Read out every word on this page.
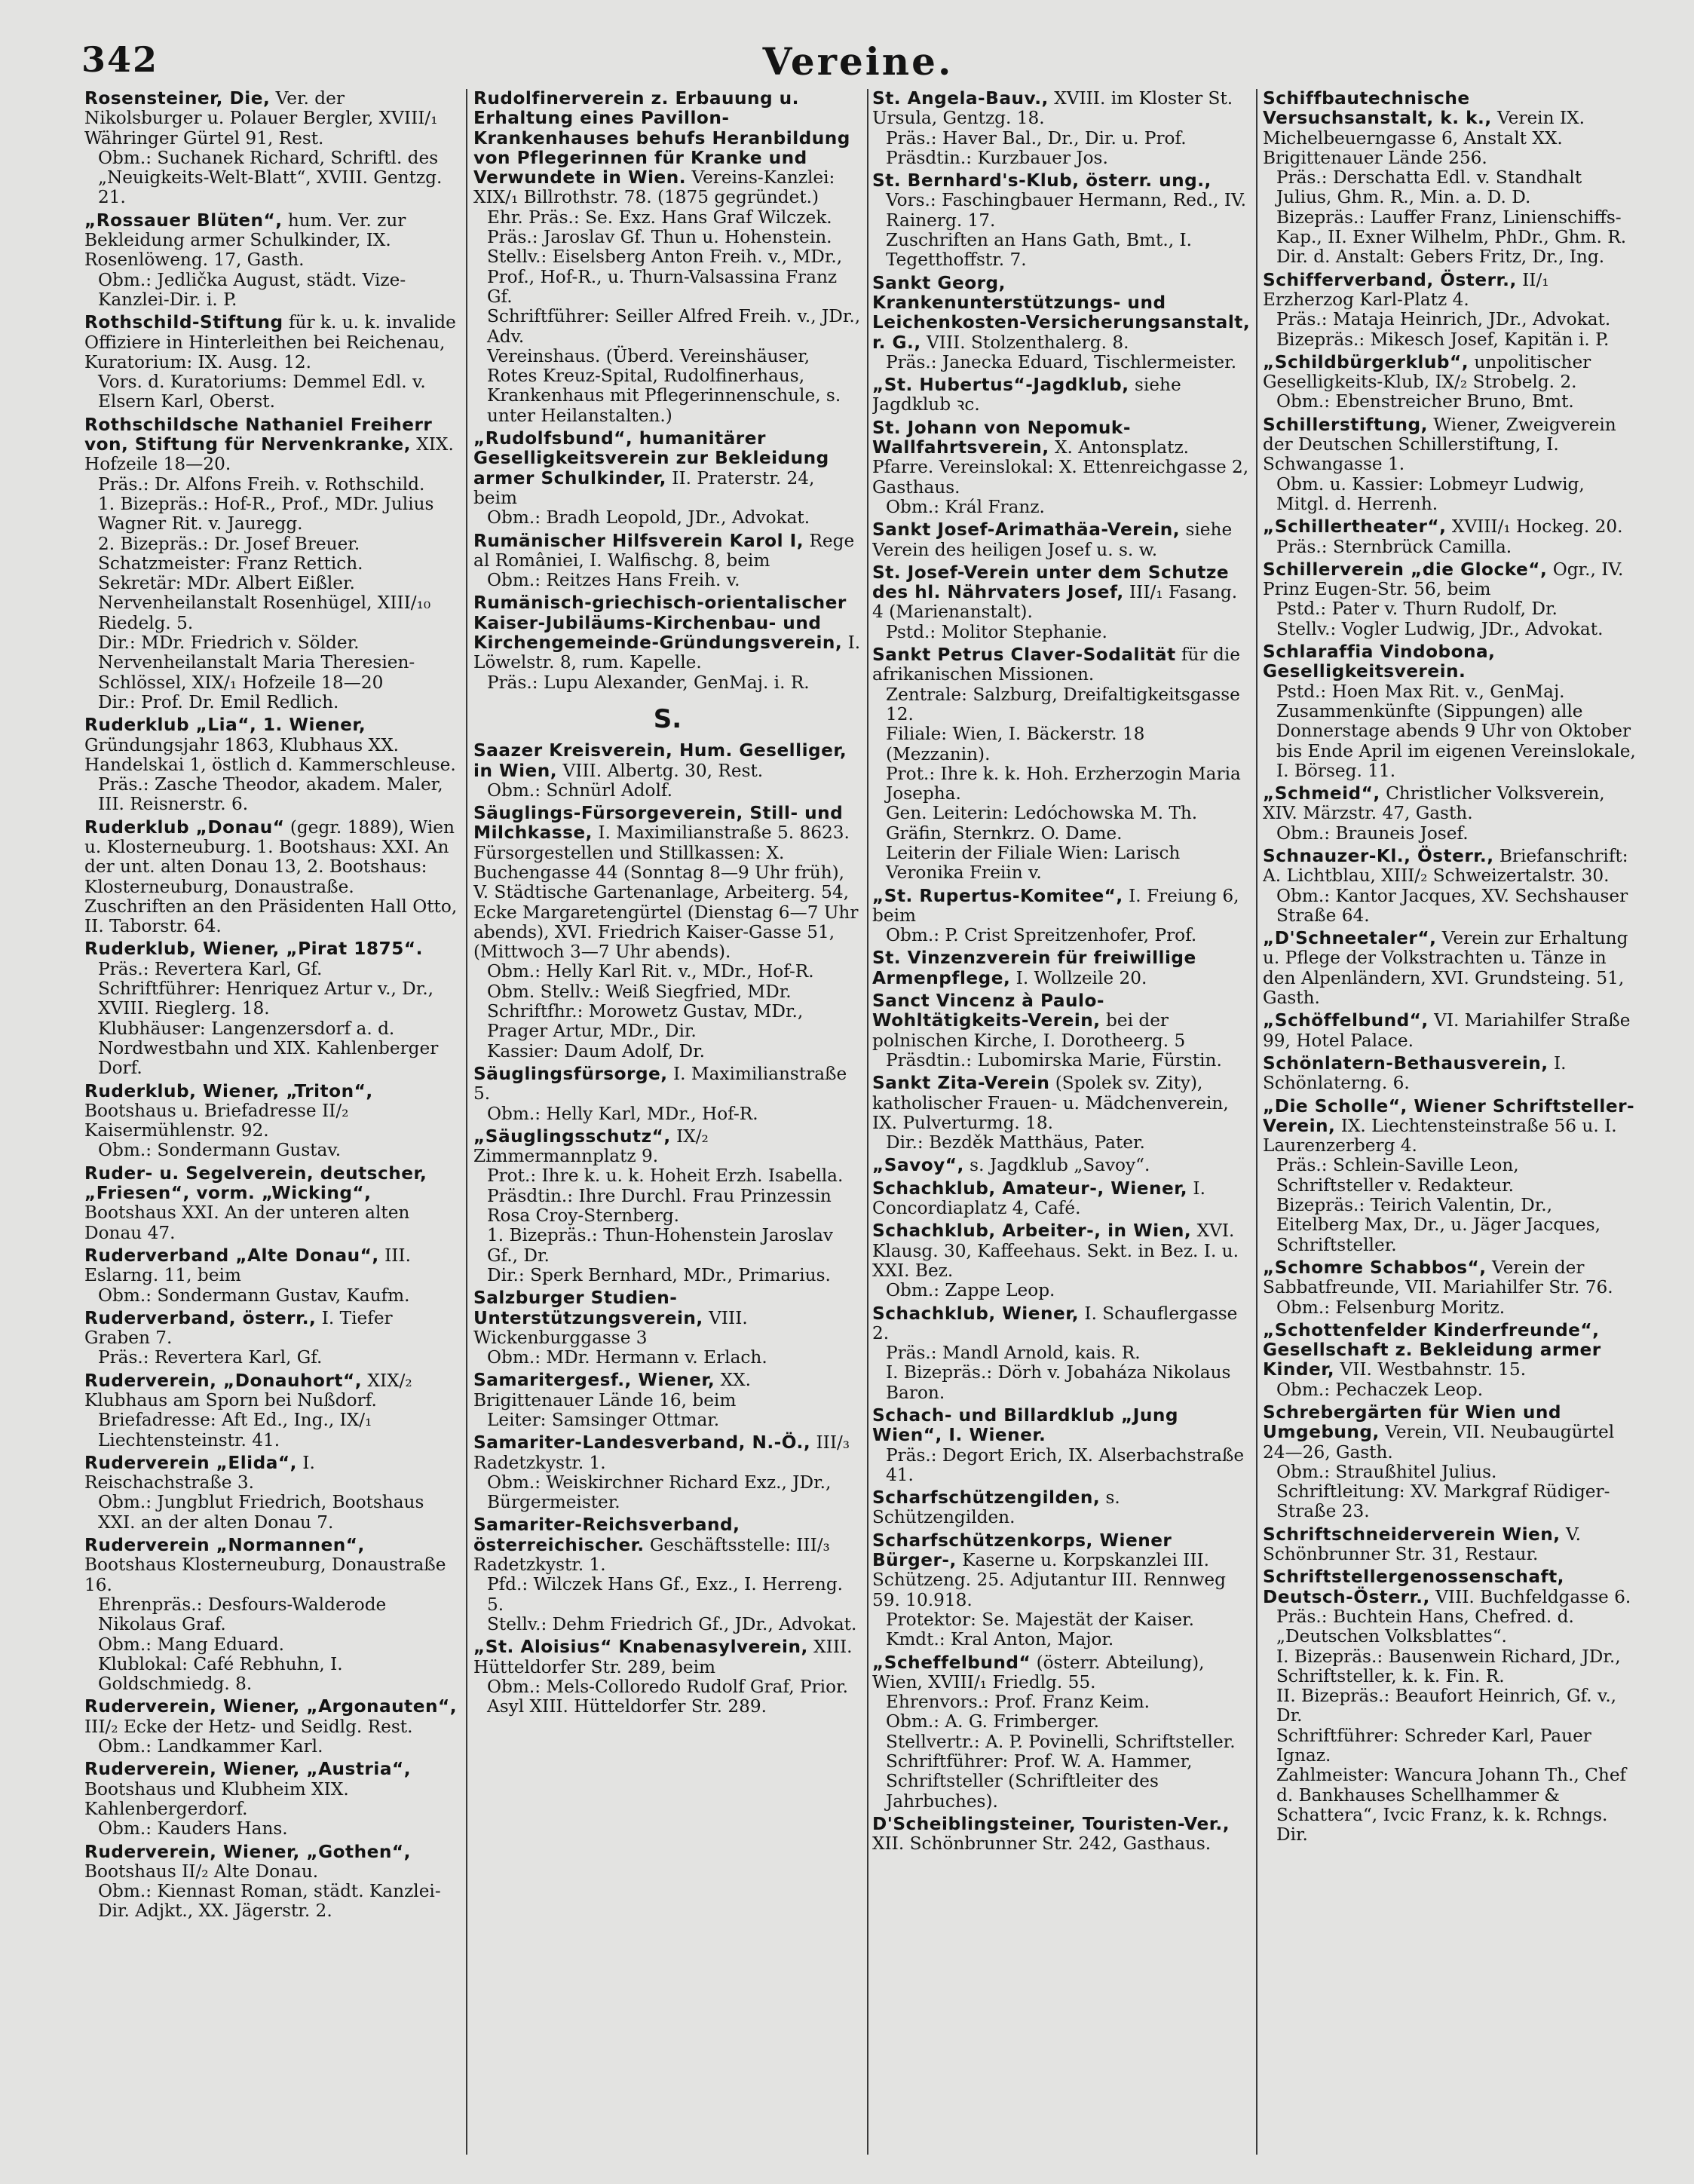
342	Vereine.
Rosensteiner, Die, Ver. der Nikolsburger u. Polauer Bergler, XVIII/₁ Währinger Gürtel 91, Rest.
Obm.: Suchanek Richard, Schriftl. des „Neuigkeits-Welt-Blatt“, XVIII. Gentzg. 21.
„Rossauer Blüten“, hum. Ver. zur Bekleidung armer Schulkinder, IX. Rosenlöweng. 17, Gasth.
Obm.: Jedlička August, städt. Vize-Kanzlei-Dir. i. P.
Rothschild-Stiftung für k. u. k. invalide Offiziere in Hinterleithen bei Reichenau, Kuratorium: IX. Ausg. 12.
Vors. d. Kuratoriums: Demmel Edl. v. Elsern Karl, Oberst.
Rothschildsche Nathaniel Freiherr von, Stiftung für Nervenkranke, XIX. Hofzeile 18—20.
Präs.: Dr. Alfons Freih. v. Rothschild.
1. Bizepräs.: Hof-R., Prof., MDr. Julius Wagner Rit. v. Jauregg.
2. Bizepräs.: Dr. Josef Breuer.
Schatzmeister: Franz Rettich.
Sekretär: MDr. Albert Eißler.
Nervenheilanstalt Rosenhügel, XIII/₁₀ Riedelg. 5.
Dir.: MDr. Friedrich v. Sölder.
Nervenheilanstalt Maria Theresien-Schlössel, XIX/₁ Hofzeile 18—20
Dir.: Prof. Dr. Emil Redlich.
Ruderklub „Lia“, 1. Wiener, Gründungsjahr 1863, Klubhaus XX. Handelskai 1, östlich d. Kammerschleuse.
Präs.: Zasche Theodor, akadem. Maler, III. Reisnerstr. 6.
Ruderklub „Donau“ (gegr. 1889), Wien u. Klosterneuburg. 1. Bootshaus: XXI. An der unt. alten Donau 13, 2. Bootshaus: Klosterneuburg, Donaustraße. Zuschriften an den Präsidenten Hall Otto, II. Taborstr. 64.
Ruderklub, Wiener, „Pirat 1875“.
Präs.: Revertera Karl, Gf.
Schriftführer: Henriquez Artur v., Dr., XVIII. Rieglerg. 18.
Klubhäuser: Langenzersdorf a. d. Nordwestbahn und XIX. Kahlenberger Dorf.
Ruderklub, Wiener, „Triton“, Bootshaus u. Briefadresse II/₂ Kaisermühlenstr. 92.
Obm.: Sondermann Gustav.
Ruder- u. Segelverein, deutscher, „Friesen“, vorm. „Wicking“, Bootshaus XXI. An der unteren alten Donau 47.
Ruderverband „Alte Donau“, III. Eslarng. 11, beim
Obm.: Sondermann Gustav, Kaufm.
Ruderverband, österr., I. Tiefer Graben 7.
Präs.: Revertera Karl, Gf.
Ruderverein, „Donauhort“, XIX/₂ Klubhaus am Sporn bei Nußdorf.
Briefadresse: Aft Ed., Ing., IX/₁ Liechtensteinstr. 41.
Ruderverein „Elida“, I. Reischachstraße 3.
Obm.: Jungblut Friedrich, Bootshaus XXI. an der alten Donau 7.
Ruderverein „Normannen“, Bootshaus Klosterneuburg, Donaustraße 16.
Ehrenpräs.: Desfours-Walderode Nikolaus Graf.
Obm.: Mang Eduard.
Klublokal: Café Rebhuhn, I. Goldschmiedg. 8.
Ruderverein, Wiener, „Argonauten“, III/₂ Ecke der Hetz- und Seidlg. Rest.
Obm.: Landkammer Karl.
Ruderverein, Wiener, „Austria“, Bootshaus und Klubheim XIX. Kahlenbergerdorf.
Obm.: Kauders Hans.
Ruderverein, Wiener, „Gothen“, Bootshaus II/₂ Alte Donau.
Obm.: Kiennast Roman, städt. Kanzlei-Dir. Adjkt., XX. Jägerstr. 2.
Rudolfinerverein z. Erbauung u. Erhaltung eines Pavillon-Krankenhauses behufs Heranbildung von Pflegerinnen für Kranke und Verwundete in Wien. Vereins-Kanzlei: XIX/₁ Billrothstr. 78. (1875 gegründet.)
Ehr. Präs.: Se. Exz. Hans Graf Wilczek.
Präs.: Jaroslav Gf. Thun u. Hohenstein.
Stellv.: Eiselsberg Anton Freih. v., MDr., Prof., Hof-R., u. Thurn-Valsassina Franz Gf.
Schriftführer: Seiller Alfred Freih. v., JDr., Adv.
Vereinshaus. (Überd. Vereinshäuser, Rotes Kreuz-Spital, Rudolfinerhaus, Krankenhaus mit Pflegerinnenschule, s. unter Heilanstalten.)
„Rudolfsbund“, humanitärer Geselligkeitsverein zur Bekleidung armer Schulkinder, II. Praterstr. 24, beim
Obm.: Bradh Leopold, JDr., Advokat.
Rumänischer Hilfsverein Karol I, Rege al României, I. Walfischg. 8, beim
Obm.: Reitzes Hans Freih. v.
Rumänisch-griechisch-orientalischer Kaiser-Jubiläums-Kirchenbau- und Kirchengemeinde-Gründungsverein, I. Löwelstr. 8, rum. Kapelle.
Präs.: Lupu Alexander, GenMaj. i. R.
S.
Saazer Kreisverein, Hum. Geselliger, in Wien, VIII. Albertg. 30, Rest.
Obm.: Schnürl Adolf.
Säuglings-Fürsorgeverein, Still- und Milchkasse, I. Maximilianstraße 5. 8623. Fürsorgestellen und Stillkassen: X. Buchengasse 44 (Sonntag 8—9 Uhr früh), V. Städtische Gartenanlage, Arbeiterg. 54, Ecke Margaretengürtel (Dienstag 6—7 Uhr abends), XVI. Friedrich Kaiser-Gasse 51, (Mittwoch 3—7 Uhr abends).
Obm.: Helly Karl Rit. v., MDr., Hof-R.
Obm. Stellv.: Weiß Siegfried, MDr.
Schriftfhr.: Morowetz Gustav, MDr., Prager Artur, MDr., Dir.
Kassier: Daum Adolf, Dr.
Säuglingsfürsorge, I. Maximilianstraße 5.
Obm.: Helly Karl, MDr., Hof-R.
„Säuglingsschutz“, IX/₂ Zimmermannplatz 9.
Prot.: Ihre k. u. k. Hoheit Erzh. Isabella.
Präsdtin.: Ihre Durchl. Frau Prinzessin Rosa Croy-Sternberg.
1. Bizepräs.: Thun-Hohenstein Jaroslav Gf., Dr.
Dir.: Sperk Bernhard, MDr., Primarius.
Salzburger Studien-Unterstützungsverein, VIII. Wickenburggasse 3
Obm.: MDr. Hermann v. Erlach.
Samaritergesf., Wiener, XX. Brigittenauer Lände 16, beim
Leiter: Samsinger Ottmar.
Samariter-Landesverband, N.-Ö., III/₃ Radetzkystr. 1.
Obm.: Weiskirchner Richard Exz., JDr., Bürgermeister.
Samariter-Reichsverband, österreichischer. Geschäftsstelle: III/₃ Radetzkystr. 1.
Pfd.: Wilczek Hans Gf., Exz., I. Herreng. 5.
Stellv.: Dehm Friedrich Gf., JDr., Advokat.
„St. Aloisius“ Knabenasylverein, XIII. Hütteldorfer Str. 289, beim
Obm.: Mels-Colloredo Rudolf Graf, Prior. Asyl XIII. Hütteldorfer Str. 289.
St. Angela-Bauv., XVIII. im Kloster St. Ursula, Gentzg. 18.
Präs.: Haver Bal., Dr., Dir. u. Prof.
Präsdtin.: Kurzbauer Jos.
St. Bernhard's-Klub, österr. ung.,
Vors.: Faschingbauer Hermann, Red., IV. Rainerg. 17.
Zuschriften an Hans Gath, Bmt., I. Tegetthoffstr. 7.
Sankt Georg, Krankenunterstützungs- und Leichenkosten-Versicherungsanstalt, r. G., VIII. Stolzenthalerg. 8.
Präs.: Janecka Eduard, Tischlermeister.
„St. Hubertus“-Jagdklub, siehe Jagdklub ꝛc.
St. Johann von Nepomuk-Wallfahrtsverein, X. Antonsplatz. Pfarre. Vereinslokal: X. Ettenreichgasse 2, Gasthaus.
Obm.: Král Franz.
Sankt Josef-Arimathäa-Verein, siehe Verein des heiligen Josef u. s. w.
St. Josef-Verein unter dem Schutze des hl. Nährvaters Josef, III/₁ Fasang. 4 (Marienanstalt).
Pstd.: Molitor Stephanie.
Sankt Petrus Claver-Sodalität für die afrikanischen Missionen.
Zentrale: Salzburg, Dreifaltigkeitsgasse 12.
Filiale: Wien, I. Bäckerstr. 18 (Mezzanin).
Prot.: Ihre k. k. Hoh. Erzherzogin Maria Josepha.
Gen. Leiterin: Ledóchowska M. Th. Gräfin, Sternkrz. O. Dame.
Leiterin der Filiale Wien: Larisch Veronika Freiin v.
„St. Rupertus-Komitee“, I. Freiung 6, beim
Obm.: P. Crist Spreitzenhofer, Prof.
St. Vinzenzverein für freiwillige Armenpflege, I. Wollzeile 20.
Sanct Vincenz à Paulo-Wohltätigkeits-Verein, bei der polnischen Kirche, I. Dorotheerg. 5
Präsdtin.: Lubomirska Marie, Fürstin.
Sankt Zita-Verein (Spolek sv. Zity), katholischer Frauen- u. Mädchenverein, IX. Pulverturmg. 18.
Dir.: Bezděk Matthäus, Pater.
„Savoy“, s. Jagdklub „Savoy“.
Schachklub, Amateur-, Wiener, I. Concordiaplatz 4, Café.
Schachklub, Arbeiter-, in Wien, XVI. Klausg. 30, Kaffeehaus. Sekt. in Bez. I. u. XXI. Bez.
Obm.: Zappe Leop.
Schachklub, Wiener, I. Schauflergasse 2.
Präs.: Mandl Arnold, kais. R.
I. Bizepräs.: Dörh v. Jobaháza Nikolaus Baron.
Schach- und Billardklub „Jung Wien“, I. Wiener.
Präs.: Degort Erich, IX. Alserbachstraße 41.
Scharfschützengilden, s. Schützengilden.
Scharfschützenkorps, Wiener Bürger-, Kaserne u. Korpskanzlei III. Schützeng. 25. Adjutantur III. Rennweg 59. 10.918.
Protektor: Se. Majestät der Kaiser.
Kmdt.: Kral Anton, Major.
„Scheffelbund“ (österr. Abteilung), Wien, XVIII/₁ Friedlg. 55.
Ehrenvors.: Prof. Franz Keim.
Obm.: A. G. Frimberger.
Stellvertr.: A. P. Povinelli, Schriftsteller.
Schriftführer: Prof. W. A. Hammer, Schriftsteller (Schriftleiter des Jahrbuches).
D'Scheiblingsteiner, Touristen-Ver., XII. Schönbrunner Str. 242, Gasthaus.
Schiffbautechnische Versuchsanstalt, k. k., Verein IX. Michelbeuerngasse 6, Anstalt XX. Brigittenauer Lände 256.
Präs.: Derschatta Edl. v. Standhalt Julius, Ghm. R., Min. a. D. D.
Bizepräs.: Lauffer Franz, Linienschiffs-Kap., II. Exner Wilhelm, PhDr., Ghm. R.
Dir. d. Anstalt: Gebers Fritz, Dr., Ing.
Schifferverband, Österr., II/₁ Erzherzog Karl-Platz 4.
Präs.: Mataja Heinrich, JDr., Advokat.
Bizepräs.: Mikesch Josef, Kapitän i. P.
„Schildbürgerklub“, unpolitischer Geselligkeits-Klub, IX/₂ Strobelg. 2.
Obm.: Ebenstreicher Bruno, Bmt.
Schillerstiftung, Wiener, Zweigverein der Deutschen Schillerstiftung, I. Schwangasse 1.
Obm. u. Kassier: Lobmeyr Ludwig, Mitgl. d. Herrenh.
„Schillertheater“, XVIII/₁ Hockeg. 20.
Präs.: Sternbrück Camilla.
Schillerverein „die Glocke“, Ogr., IV. Prinz Eugen-Str. 56, beim
Pstd.: Pater v. Thurn Rudolf, Dr.
Stellv.: Vogler Ludwig, JDr., Advokat.
Schlaraffia Vindobona, Geselligkeitsverein.
Pstd.: Hoen Max Rit. v., GenMaj.
Zusammenkünfte (Sippungen) alle Donnerstage abends 9 Uhr von Oktober bis Ende April im eigenen Vereinslokale, I. Börseg. 11.
„Schmeid“, Christlicher Volksverein, XIV. Märzstr. 47, Gasth.
Obm.: Brauneis Josef.
Schnauzer-Kl., Österr., Briefanschrift: A. Lichtblau, XIII/₂ Schweizertalstr. 30.
Obm.: Kantor Jacques, XV. Sechshauser Straße 64.
„D'Schneetaler“, Verein zur Erhaltung u. Pflege der Volkstrachten u. Tänze in den Alpenländern, XVI. Grundsteing. 51, Gasth.
„Schöffelbund“, VI. Mariahilfer Straße 99, Hotel Palace.
Schönlatern-Bethausverein, I. Schönlaterng. 6.
„Die Scholle“, Wiener Schriftsteller-Verein, IX. Liechtensteinstraße 56 u. I. Laurenzerberg 4.
Präs.: Schlein-Saville Leon, Schriftsteller v. Redakteur.
Bizepräs.: Teirich Valentin, Dr., Eitelberg Max, Dr., u. Jäger Jacques, Schriftsteller.
„Schomre Schabbos“, Verein der Sabbatfreunde, VII. Mariahilfer Str. 76.
Obm.: Felsenburg Moritz.
„Schottenfelder Kinderfreunde“, Gesellschaft z. Bekleidung armer Kinder, VII. Westbahnstr. 15.
Obm.: Pechaczek Leop.
Schrebergärten für Wien und Umgebung, Verein, VII. Neubaugürtel 24—26, Gasth.
Obm.: Straußhitel Julius.
Schriftleitung: XV. Markgraf Rüdiger-Straße 23.
Schriftschneiderverein Wien, V. Schönbrunner Str. 31, Restaur.
Schriftstellergenossenschaft, Deutsch-Österr., VIII. Buchfeldgasse 6.
Präs.: Buchtein Hans, Chefred. d. „Deutschen Volksblattes“.
I. Bizepräs.: Bausenwein Richard, JDr., Schriftsteller, k. k. Fin. R.
II. Bizepräs.: Beaufort Heinrich, Gf. v., Dr.
Schriftführer: Schreder Karl, Pauer Ignaz.
Zahlmeister: Wancura Johann Th., Chef d. Bankhauses Schellhammer & Schattera“, Ivcic Franz, k. k. Rchngs. Dir.
